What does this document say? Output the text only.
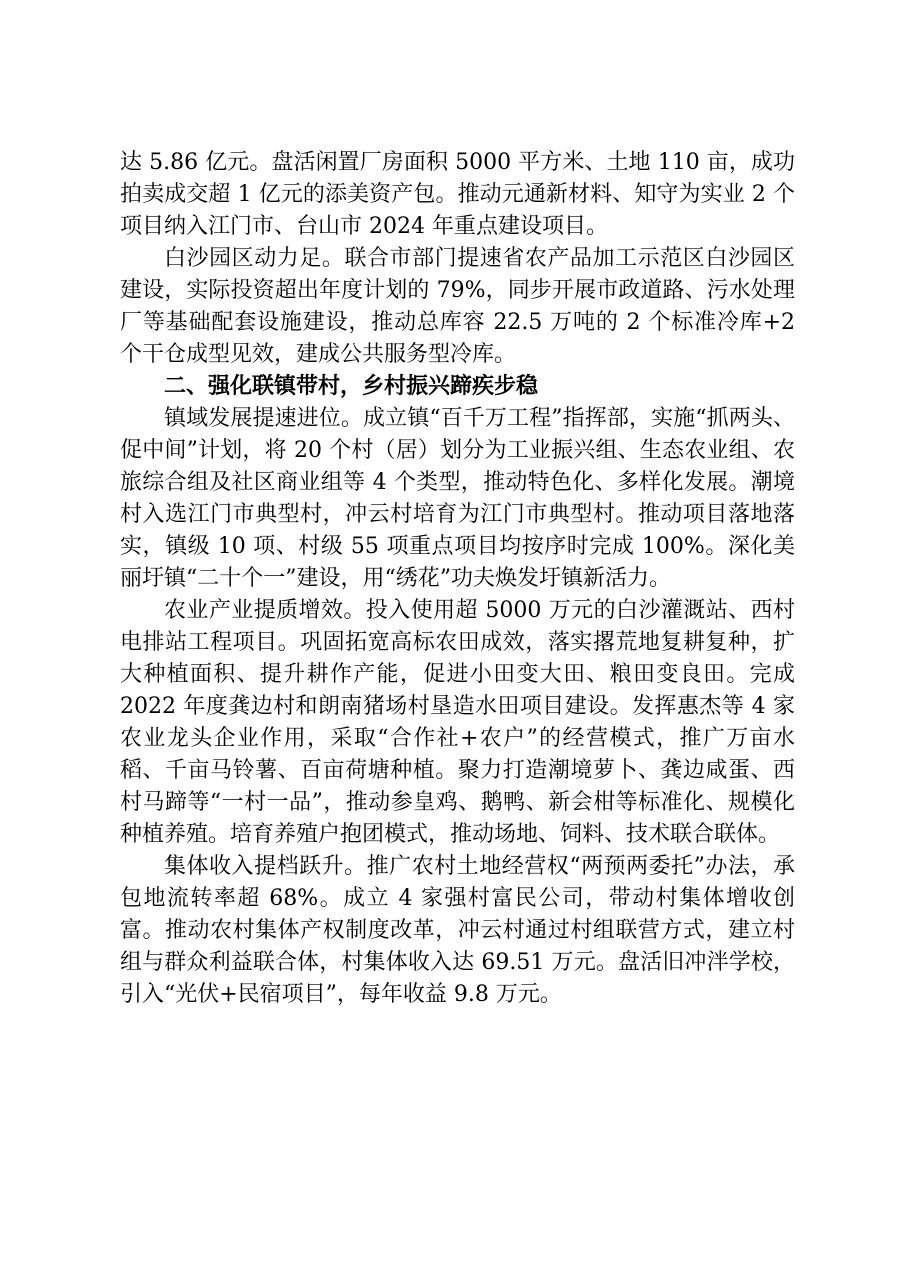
达 5.86 亿元。盘活闲置厂房面积 5000 平方米、土地 110 亩，成功拍卖成交超 1 亿元的添美资产包。推动元通新材料、知守为实业 2 个项目纳入江门市、台山市 2024 年重点建设项目。

白沙园区动力足。联合市部门提速省农产品加工示范区白沙园区建设，实际投资超出年度计划的 79%，同步开展市政道路、污水处理厂等基础配套设施建设，推动总库容 22.5 万吨的 2 个标准冷库+2 个干仓成型见效，建成公共服务型冷库。

二、强化联镇带村，乡村振兴蹄疾步稳

镇域发展提速进位。成立镇“百千万工程”指挥部，实施“抓两头、促中间”计划，将 20 个村（居）划分为工业振兴组、生态农业组、农旅综合组及社区商业组等 4 个类型，推动特色化、多样化发展。潮境村入选江门市典型村，冲云村培育为江门市典型村。推动项目落地落实，镇级 10 项、村级 55 项重点项目均按序时完成 100%。深化美丽圩镇“二十个一”建设，用“绣花”功夫焕发圩镇新活力。

农业产业提质增效。投入使用超 5000 万元的白沙灌溉站、西村电排站工程项目。巩固拓宽高标农田成效，落实撂荒地复耕复种，扩大种植面积、提升耕作产能，促进小田变大田、粮田变良田。完成 2022 年度龚边村和朗南猪场村垦造水田项目建设。发挥惠杰等 4 家农业龙头企业作用，采取“合作社+农户”的经营模式，推广万亩水稻、千亩马铃薯、百亩荷塘种植。聚力打造潮境萝卜、龚边咸蛋、西村马蹄等“一村一品”，推动参皇鸡、鹅鸭、新会柑等标准化、规模化种植养殖。培育养殖户抱团模式，推动场地、饲料、技术联合联体。

集体收入提档跃升。推广农村土地经营权“两预两委托”办法，承包地流转率超 68%。成立 4 家强村富民公司，带动村集体增收创富。推动农村集体产权制度改革，冲云村通过村组联营方式，建立村组与群众利益联合体，村集体收入达 69.51 万元。盘活旧冲泮学校，引入“光伏+民宿项目”，每年收益 9.8 万元。
